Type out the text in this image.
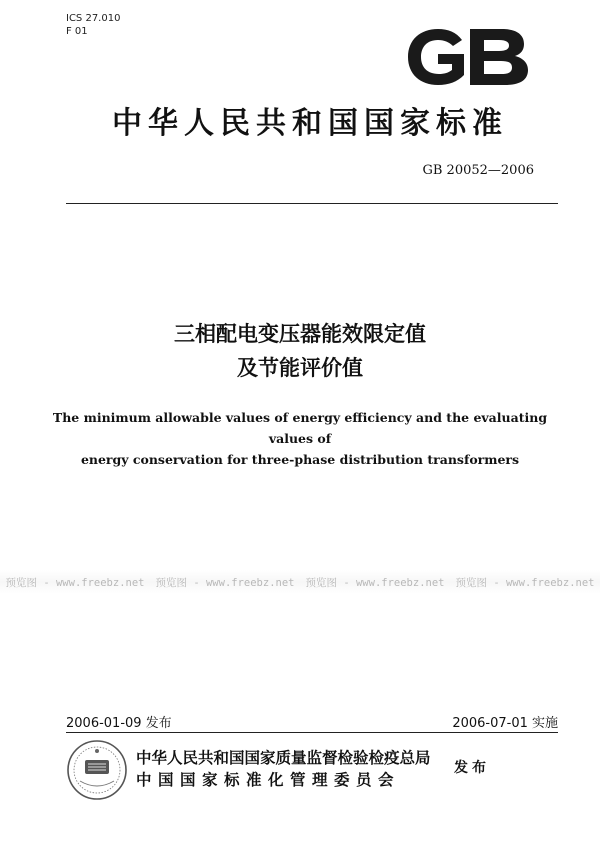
ICS 27.010
F 01
中华人民共和国国家标准
GB 20052—2006
三相配电变压器能效限定值
及节能评价值
The minimum allowable values of energy efficiency and the evaluating values of
energy conservation for three-phase distribution transformers
预览图 - www.freebz.net 预览图 - www.freebz.net 预览图 - www.freebz.net 预览图 - www.freebz.net
2006-01-09 发布	2006-07-01 实施
中华人民共和国国家质量监督检验检疫总局
中国国家标准化管理委员会
发布
